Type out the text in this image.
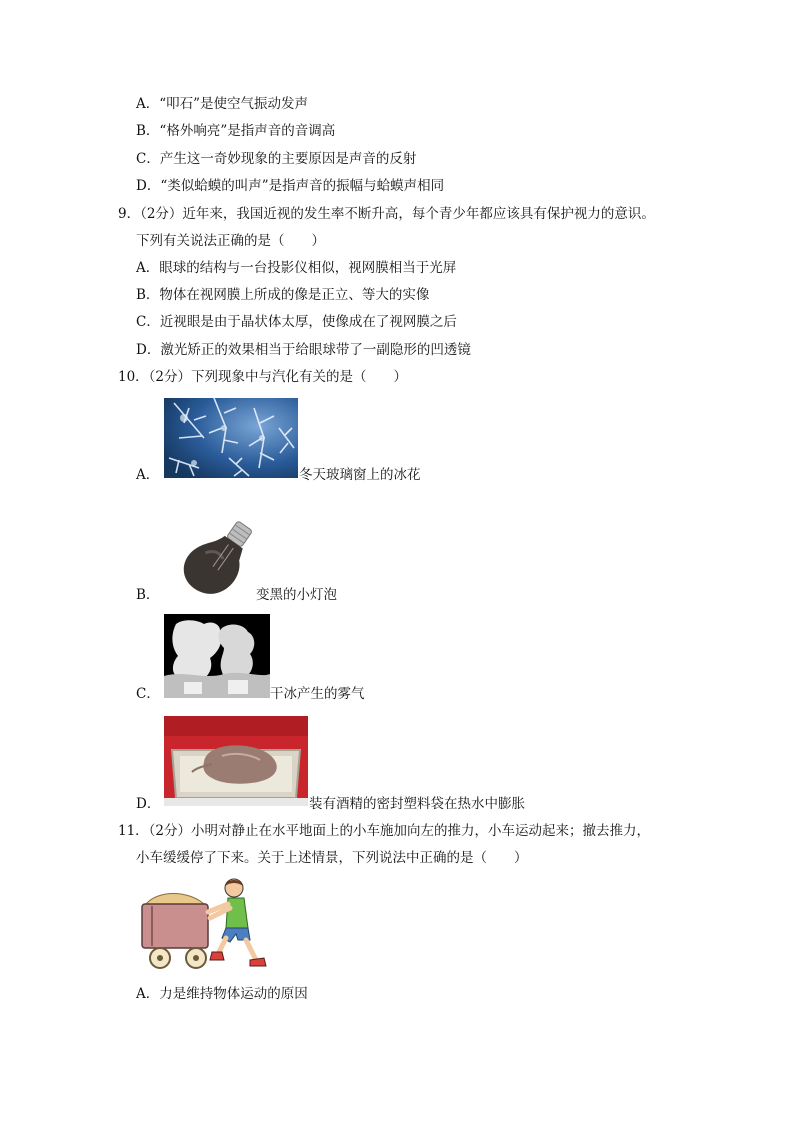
A．“叩石”是使空气振动发声
B．“格外响亮”是指声音的音调高
C．产生这一奇妙现象的主要原因是声音的反射
D．“类似蛤蟆的叫声”是指声音的振幅与蛤蟆声相同
9．（2分）近年来，我国近视的发生率不断升高，每个青少年都应该具有保护视力的意识。
下列有关说法正确的是（　　）
A．眼球的结构与一台投影仪相似，视网膜相当于光屏
B．物体在视网膜上所成的像是正立、等大的实像
C．近视眼是由于晶状体太厚，使像成在了视网膜之后
D．激光矫正的效果相当于给眼球带了一副隐形的凹透镜
10．（2分）下列现象中与汽化有关的是（　　）
A．	冬天玻璃窗上的冰花
B．	变黑的小灯泡
C．	干冰产生的雾气
D．	装有酒精的密封塑料袋在热水中膨胀
11．（2分）小明对静止在水平地面上的小车施加向左的推力，小车运动起来；撤去推力，
小车缓缓停了下来。关于上述情景，下列说法中正确的是（　　）
A．力是维持物体运动的原因
